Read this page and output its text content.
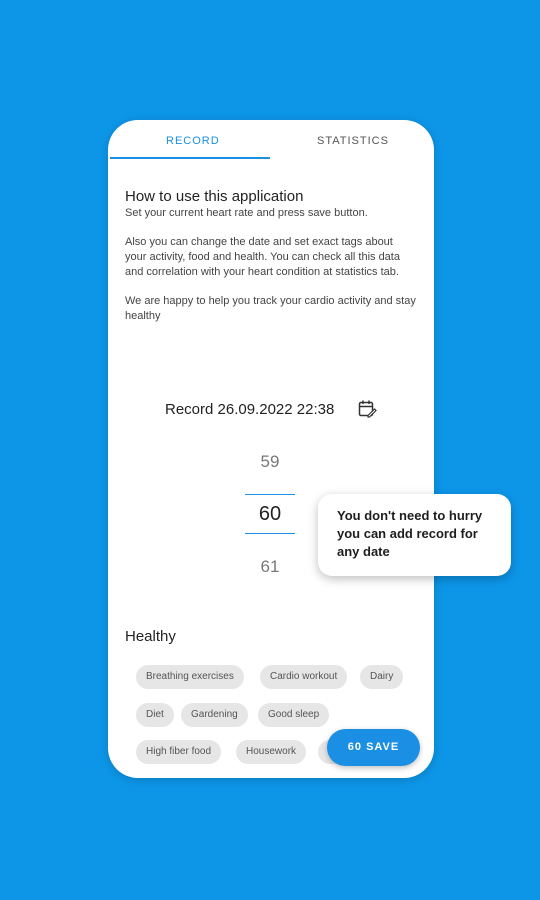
RECORD	STATISTICS
How to use this application

Set your current heart rate and press save button.

Also you can change the date and set exact tags about your activity, food and health. You can check all this data and correlation with your heart condition at statistics tab.

We are happy to help you track your cardio activity and stay healthy

Record 26.09.2022 22:38
59
60
61
Healthy
Breathing exercises	Cardio workout	Dairy
Diet	Gardening	Good sleep
High fiber food	Housework
You don't need to hurry you can add record for any date
60 SAVE
